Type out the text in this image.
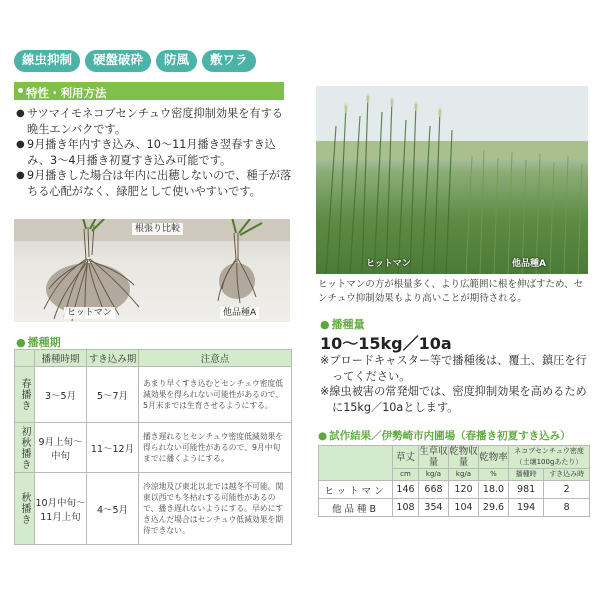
線虫抑制	硬盤破砕	防風	敷ワラ
特性・利用方法
● サツマイモネコブセンチュウ密度抑制効果を有する晩生エンバクです。
● 9月播き年内すき込み、10〜11月播き翌春すき込み、3〜4月播き初夏すき込み可能です。
● 9月播きした場合は年内に出穂しないので、種子が落ちる心配がなく、緑肥として使いやすいです。
根張り比較
ヒットマン	他品種A
ヒットマン	他品種A

ヒットマンの方が根量多く、より広範囲に根を伸ばすため、センチュウ抑制効果もより高いことが期待される。

● 播種期
	播種時期	すき込み期	注意点
春播き	3〜5月	5〜7月	あまり早くすき込むとセンチュウ密度低減効果を得られない可能性があるので、5月末までは生育させるようにする。
初秋播き	9月上旬〜中旬	11〜12月	播き遅れるとセンチュウ密度低減効果を得られない可能性があるので、9月中旬までに播くようにする。
秋播き	10月中旬〜11月上旬	4〜5月	冷涼地及び東北以北では越冬不可能。関東以西でも冬枯れする可能性があるので、播き遅れないようにする。早めにすき込んだ場合はセンチュウ低減効果を期待できない。
● 播種量
10〜15kg／10a

※ブロードキャスター等で播種後は、覆土、鎮圧を行ってください。

※線虫被害の常発畑では、密度抑制効果を高めるために15kg／10aとします。

● 試作結果／伊勢崎市内圃場（春播き初夏すき込み）
	草丈	生草収量	乾物収量	乾物率	ネコブセンチュウ密度（土壌100gあたり）	
	cm	kg/a	kg/a	%	播種時	すき込み時
ヒットマン	146	668	120	18.0	981	2
他品種B	108	354	104	29.6	194	8
